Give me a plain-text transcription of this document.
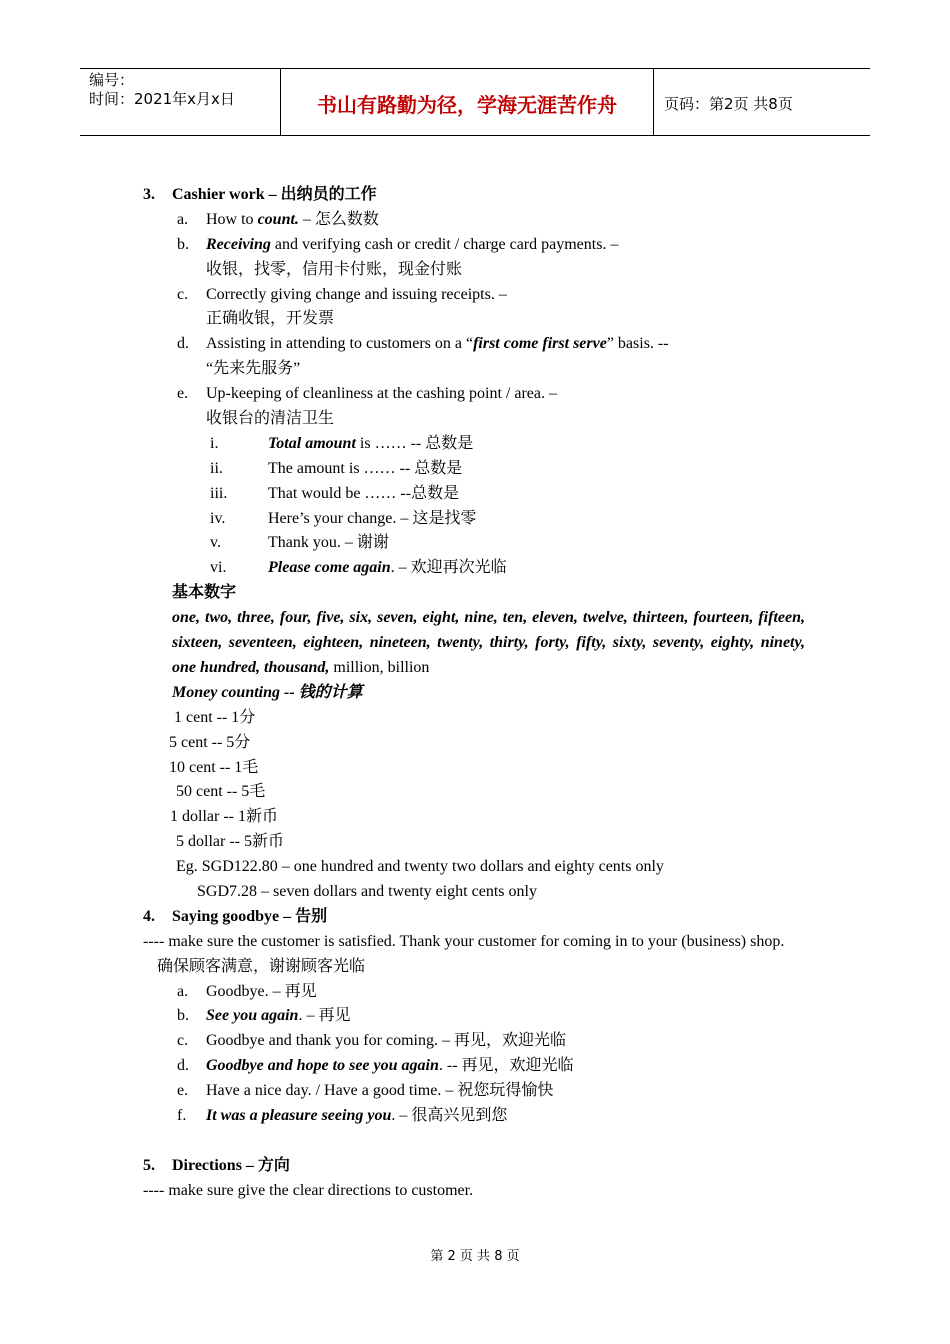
编号：
时间：2021年x月x日	书山有路勤为径，学海无涯苦作舟	页码：第2页 共8页
3. Cashier work – 出纳员的工作
a. How to count. – 怎么数数
b. Receiving and verifying cash or credit / charge card payments. –
收银，找零，信用卡付账，现金付账
c. Correctly giving change and issuing receipts. –
正确收银，开发票
d. Assisting in attending to customers on a “first come first serve” basis. --
“先来先服务”
e. Up-keeping of cleanliness at the cashing point / area. –
收银台的清洁卫生
i.	Total amount is …… -- 总数是
ii.	The amount is …… -- 总数是
iii.	That would be …… --总数是
iv.	Here’s your change. – 这是找零
v.	Thank you. – 谢谢
vi.	Please come again. – 欢迎再次光临
基本数字
one, two, three, four, five, six, seven, eight, nine, ten, eleven, twelve, thirteen, fourteen, fifteen, sixteen, seventeen, eighteen, nineteen, twenty, thirty, forty, fifty, sixty, seventy, eighty, ninety, one hundred, thousand, million, billion
Money counting -- 钱的计算
1 cent -- 1分
5 cent -- 5分
10 cent -- 1毛
50 cent -- 5毛
1 dollar -- 1新币
5 dollar -- 5新币
Eg. SGD122.80 – one hundred and twenty two dollars and eighty cents only
SGD7.28 – seven dollars and twenty eight cents only
4. Saying goodbye – 告别
---- make sure the customer is satisfied. Thank your customer for coming in to your (business) shop.
确保顾客满意，谢谢顾客光临
a. Goodbye. – 再见
b. See you again. – 再见
c. Goodbye and thank you for coming. – 再见，欢迎光临
d. Goodbye and hope to see you again. -- 再见，欢迎光临
e. Have a nice day. / Have a good time. – 祝您玩得愉快
f. It was a pleasure seeing you. – 很高兴见到您
5. Directions – 方向
---- make sure give the clear directions to customer.
第 2 页 共 8 页
